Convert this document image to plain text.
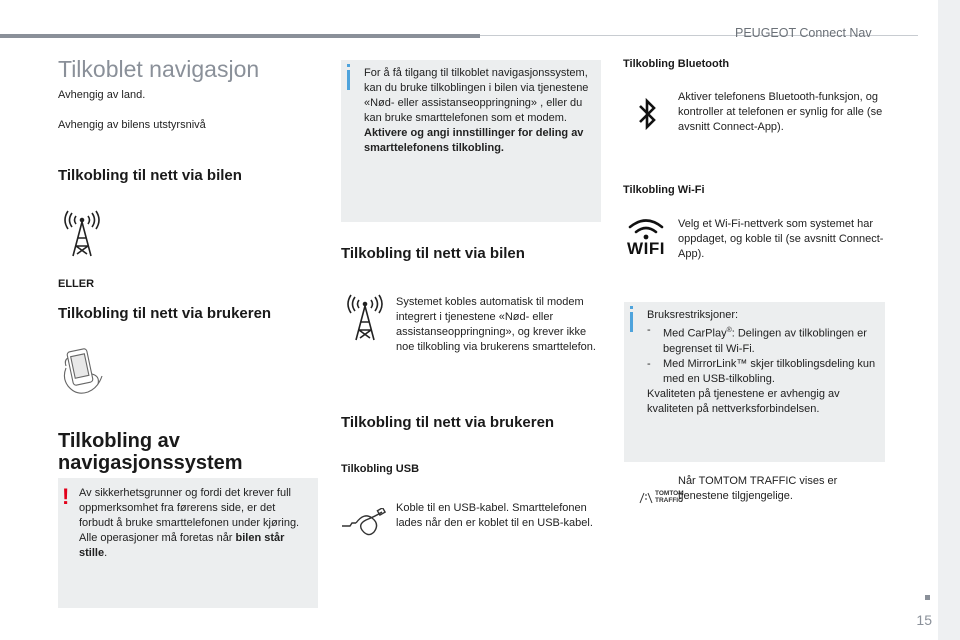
PEUGEOT Connect Nav
15
Tilkoblet navigasjon
Avhengig av land.
Avhengig av bilens utstyrsnivå
Tilkobling til nett via bilen
ELLER
Tilkobling til nett via brukeren
Tilkobling av navigasjonssystem
! Av sikkerhetsgrunner og fordi det krever full oppmerksomhet fra førerens side, er det forbudt å bruke smarttelefonen under kjøring.
Alle operasjoner må foretas når bilen står stille.
For å få tilgang til tilkoblet navigasjonssystem, kan du bruke tilkoblingen i bilen via tjenestene «Nød- eller assistanseoppringning» , eller du kan bruke smarttelefonen som et modem.
Aktivere og angi innstillinger for deling av smarttelefonens tilkobling.
Tilkobling til nett via bilen
Systemet kobles automatisk til modem integrert i tjenestene «Nød- eller assistanseoppringning», og krever ikke noe tilkobling via brukerens smarttelefon.
Tilkobling til nett via brukeren
Tilkobling USB
Koble til en USB-kabel. Smarttelefonen lades når den er koblet til en USB-kabel.
Tilkobling Bluetooth
Aktiver telefonens Bluetooth-funksjon, og kontroller at telefonen er synlig for alle (se avsnitt Connect-App).
Tilkobling Wi-Fi
WIFI
Velg et Wi-Fi-nettverk som systemet har oppdaget, og koble til (se avsnitt Connect-App).
Bruksrestriksjoner:
-	Med CarPlay®: Delingen av tilkoblingen er begrenset til Wi-Fi.
-	Med MirrorLink™ skjer tilkoblingsdeling kun med en USB-tilkobling.
Kvaliteten på tjenestene er avhengig av kvaliteten på nettverksforbindelsen.
TOMTOM
TRAFFIC
Når TOMTOM TRAFFIC vises er tjenestene tilgjengelige.
